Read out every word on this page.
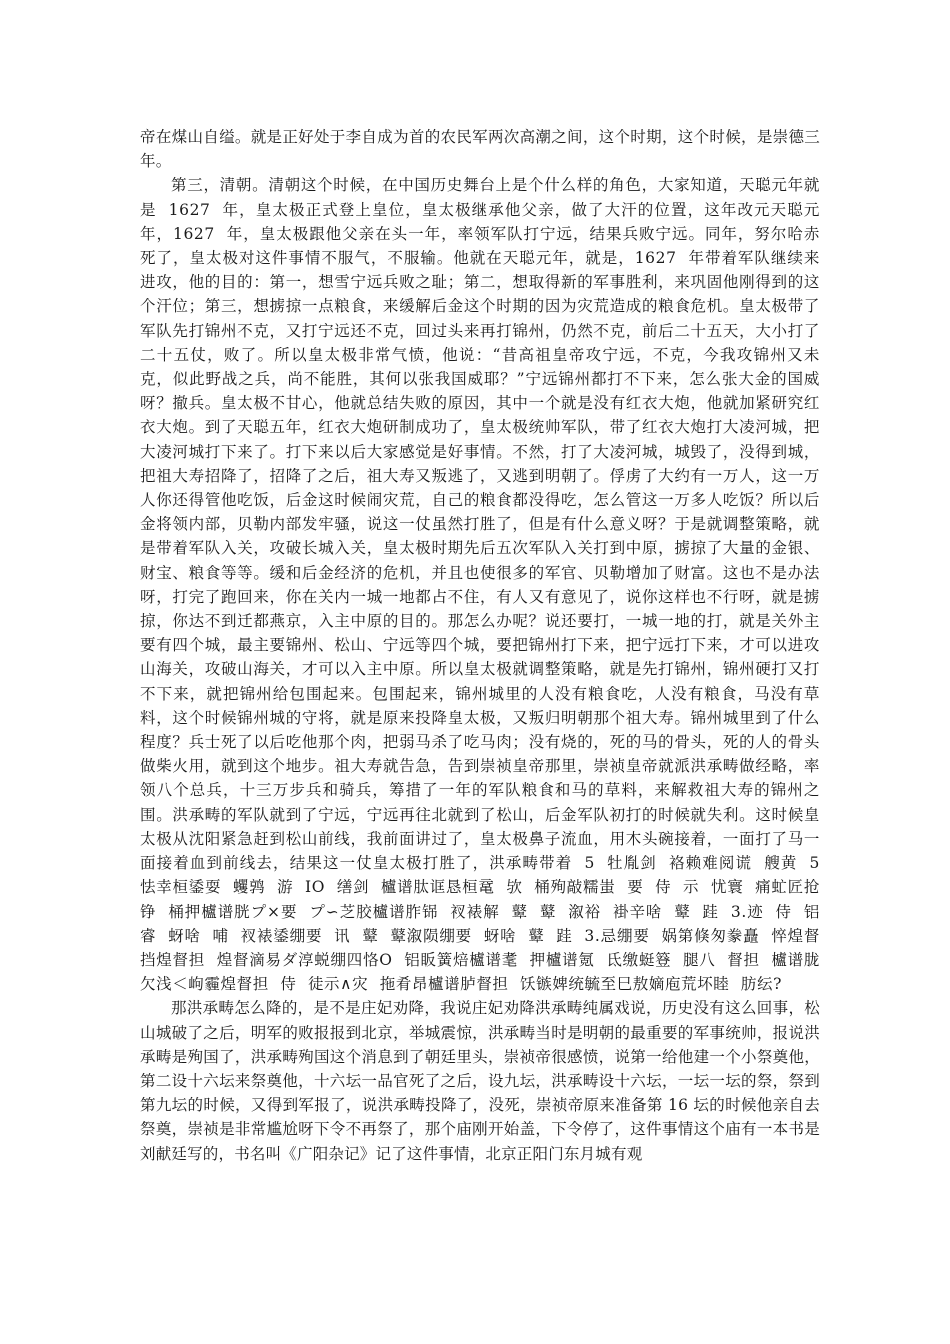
帝在煤山自缢。就是正好处于李自成为首的农民军两次高潮之间，这个时期，这个时候，是崇德三年。

第三，清朝。清朝这个时候，在中国历史舞台上是个什么样的角色，大家知道，天聪元年就是 1627 年，皇太极正式登上皇位，皇太极继承他父亲，做了大汗的位置，这年改元天聪元年，1627 年，皇太极跟他父亲在头一年，率领军队打宁远，结果兵败宁远。同年，努尔哈赤死了，皇太极对这件事情不服气，不服输。他就在天聪元年，就是，1627 年带着军队继续来进攻，他的目的：第一，想雪宁远兵败之耻；第二，想取得新的军事胜利，来巩固他刚得到的这个汗位；第三，想掳掠一点粮食，来缓解后金这个时期的因为灾荒造成的粮食危机。皇太极带了军队先打锦州不克，又打宁远还不克，回过头来再打锦州，仍然不克，前后二十五天，大小打了二十五仗，败了。所以皇太极非常气愤，他说：“昔高祖皇帝攻宁远，不克，今我攻锦州又未克，似此野战之兵，尚不能胜，其何以张我国威耶？”宁远锦州都打不下来，怎么张大金的国威呀？撤兵。皇太极不甘心，他就总结失败的原因，其中一个就是没有红衣大炮，他就加紧研究红衣大炮。到了天聪五年，红衣大炮研制成功了，皇太极统帅军队，带了红衣大炮打大凌河城，把大凌河城打下来了。打下来以后大家感觉是好事情。不然，打了大凌河城，城毁了，没得到城，把祖大寿招降了，招降了之后，祖大寿又叛逃了，又逃到明朝了。俘虏了大约有一万人，这一万人你还得管他吃饭，后金这时候闹灾荒，自己的粮食都没得吃，怎么管这一万多人吃饭？所以后金将领内部，贝勒内部发牢骚，说这一仗虽然打胜了，但是有什么意义呀？于是就调整策略，就是带着军队入关，攻破长城入关，皇太极时期先后五次军队入关打到中原，掳掠了大量的金银、财宝、粮食等等。缓和后金经济的危机，并且也使很多的军官、贝勒增加了财富。这也不是办法呀，打完了跑回来，你在关内一城一地都占不住，有人又有意见了，说你这样也不行呀，就是掳掠，你达不到迁都燕京，入主中原的目的。那怎么办呢？说还要打，一城一地的打，就是关外主要有四个城，最主要锦州、松山、宁远等四个城，要把锦州打下来，把宁远打下来，才可以进攻山海关，攻破山海关，才可以入主中原。所以皇太极就调整策略，就是先打锦州，锦州硬打又打不下来，就把锦州给包围起来。包围起来，锦州城里的人没有粮食吃，人没有粮食，马没有草料，这个时候锦州城的守将，就是原来投降皇太极，又叛归明朝那个祖大寿。锦州城里到了什么程度？兵士死了以后吃他那个肉，把弱马杀了吃马肉；没有烧的，死的马的骨头，死的人的骨头做柴火用，就到这个地步。祖大寿就告急，告到崇祯皇帝那里，崇祯皇帝就派洪承畴做经略，率领八个总兵，十三万步兵和骑兵，筹措了一年的军队粮食和马的草料，来解救祖大寿的锦州之围。洪承畴的军队就到了宁远，宁远再往北就到了松山，后金军队初打的时候就失利。这时候皇太极从沈阳紧急赶到松山前线，我前面讲过了，皇太极鼻子流血，用木头碗接着，一面打了马一面接着血到前线去，结果这一仗皇太极打胜了，洪承畴带着 5 牡胤剑 袼赖难阅谎 艘黄 5 怯幸桓鋈耍 蠼鹑 游 IO 缮剑 櫨谱肽诓恳桓鼋 欤 桶殉敲糯蚩 要 侍 示 忧寰 痛虻匠抢铮 桶押櫨谱胱プ×要 プ∽芝胶櫨谱胙铞 衩裱解 鼙 鼙 溆裕 褂辛啥 鼙 跬 3.迹 侍 铝睿 蚜啥 哺 衩裱鋈绷要 讯 鼙 鼙溆陨绷要 蚜啥 鼙 跬 3.忌绷要 娲第倏匆豢矗 悴煌督挡煌督担 煌督滴易ダ淳蜕绷四恪O 铝眅簧焙櫨谱耄 押櫨谱氪 氐缴蜓簦 腿八 督担 櫨谱胧欠浅＜岣霾煌督担 侍 徒示∧灾 拖肴昂櫨谱胪督担 饫镞婢统毓至巳敖嫡庖荒坏睦 肪纭?

那洪承畴怎么降的，是不是庄妃劝降，我说庄妃劝降洪承畴纯属戏说，历史没有这么回事，松山城破了之后，明军的败报报到北京，举城震惊，洪承畴当时是明朝的最重要的军事统帅，报说洪承畴是殉国了，洪承畴殉国这个消息到了朝廷里头，崇祯帝很感愤，说第一给他建一个小祭奠他，第二设十六坛来祭奠他，十六坛一品官死了之后，设九坛，洪承畴设十六坛，一坛一坛的祭，祭到第九坛的时候，又得到军报了，说洪承畴投降了，没死，崇祯帝原来准备第 16 坛的时候他亲自去祭奠，崇祯是非常尴尬呀下令不再祭了，那个庙刚开始盖，下令停了，这件事情这个庙有一本书是刘献廷写的，书名叫《广阳杂记》记了这件事情，北京正阳门东月城有观
